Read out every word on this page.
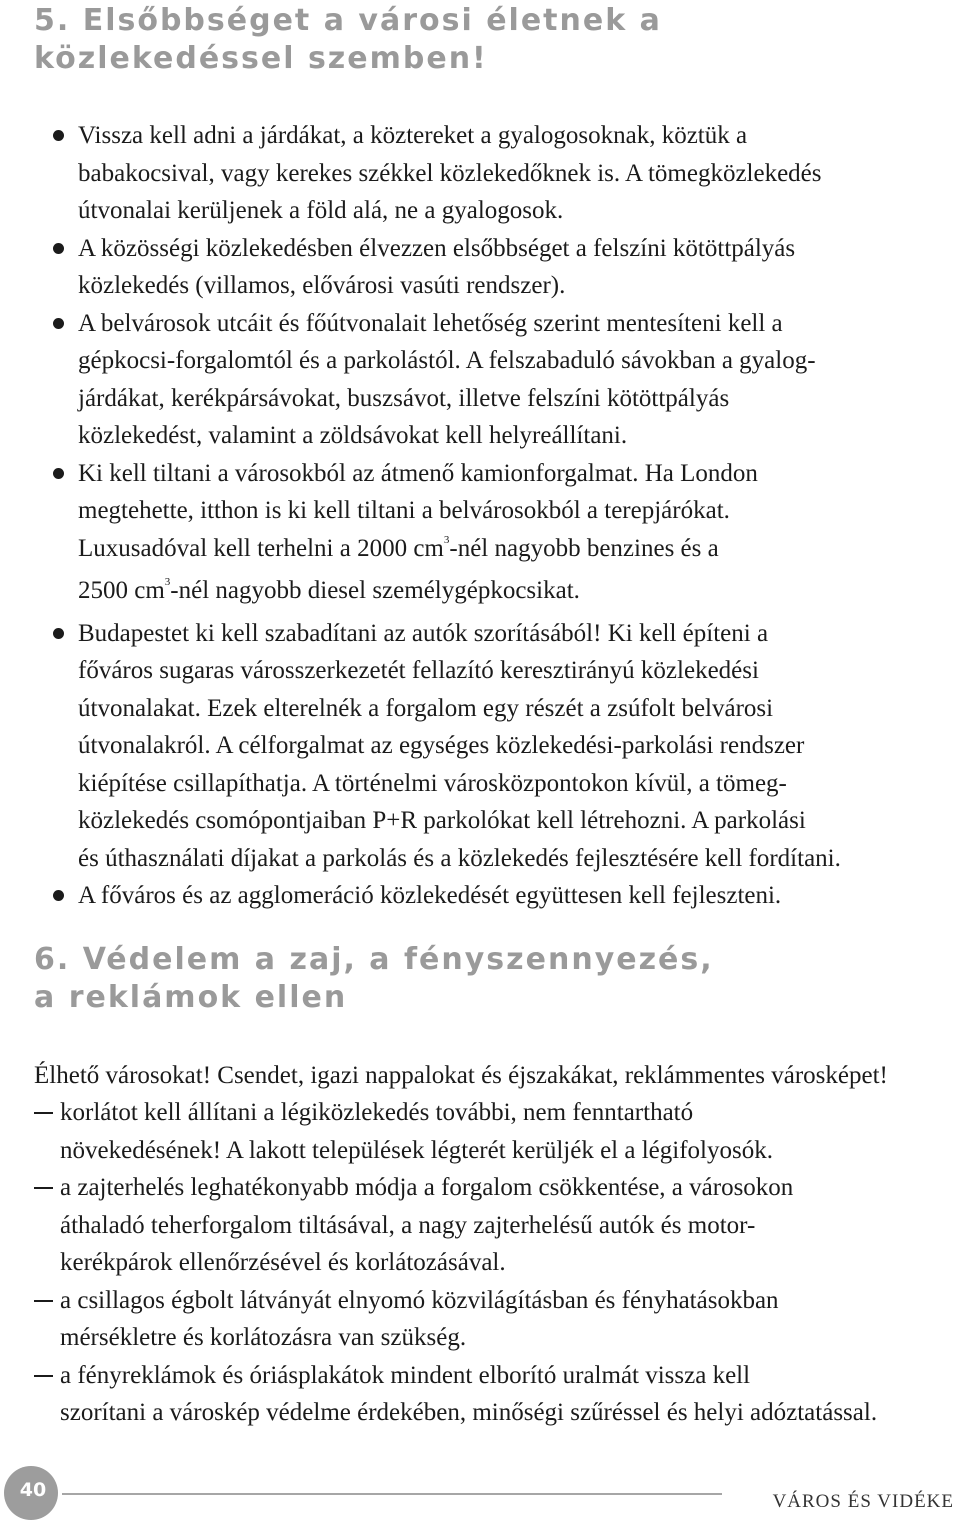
5. Elsőbbséget a városi életnek a
közlekedéssel szemben!
Vissza kell adni a járdákat, a köztereket a gyalogosoknak, köztük a
babakocsival, vagy kerekes székkel közlekedőknek is. A tömegközlekedés
útvonalai kerüljenek a föld alá, ne a gyalogosok.
A közösségi közlekedésben élvezzen elsőbbséget a felszíni kötöttpályás
közlekedés (villamos, elővárosi vasúti rendszer).
A belvárosok utcáit és főútvonalait lehetőség szerint mentesíteni kell a
gépkocsi-forgalomtól és a parkolástól. A felszabaduló sávokban a gyalog-
járdákat, kerékpársávokat, buszsávot, illetve felszíni kötöttpályás
közlekedést, valamint a zöldsávokat kell helyreállítani.
Ki kell tiltani a városokból az átmenő kamionforgalmat. Ha London
megtehette, itthon is ki kell tiltani a belvárosokból a terepjárókat.
Luxusadóval kell terhelni a 2000 $cm^3$-nél nagyobb benzines és a
2500 $cm^3$-nél nagyobb diesel személygépkocsikat.
Budapestet ki kell szabadítani az autók szorításából! Ki kell építeni a
főváros sugaras városszerkezetét fellazító keresztirányú közlekedési
útvonalakat. Ezek elterelnék a forgalom egy részét a zsúfolt belvárosi
útvonalakról. A célforgalmat az egységes közlekedési-parkolási rendszer
kiépítése csillapíthatja. A történelmi városközpontokon kívül, a tömeg-
közlekedés csomópontjaiban P+R parkolókat kell létrehozni. A parkolási
és úthasználati díjakat a parkolás és a közlekedés fejlesztésére kell fordítani.
A főváros és az agglomeráció közlekedését együttesen kell fejleszteni.
6. Védelem a zaj, a fényszennyezés,
a reklámok ellen

Élhető városokat! Csendet, igazi nappalokat és éjszakákat, reklámmentes városképet!

korlátot kell állítani a légiközlekedés további, nem fenntartható
növekedésének! A lakott települések légterét kerüljék el a légifolyosók.
a zajterhelés leghatékonyabb módja a forgalom csökkentése, a városokon
áthaladó teherforgalom tiltásával, a nagy zajterhelésű autók és motor-
kerékpárok ellenőrzésével és korlátozásával.
a csillagos égbolt látványát elnyomó közvilágításban és fényhatásokban
mérsékletre és korlátozásra van szükség.
a fényreklámok és óriásplakátok mindent elborító uralmát vissza kell
szorítani a városkép védelme érdekében, minőségi szűréssel és helyi adóztatással.
40
VÁROS ÉS VIDÉKE
